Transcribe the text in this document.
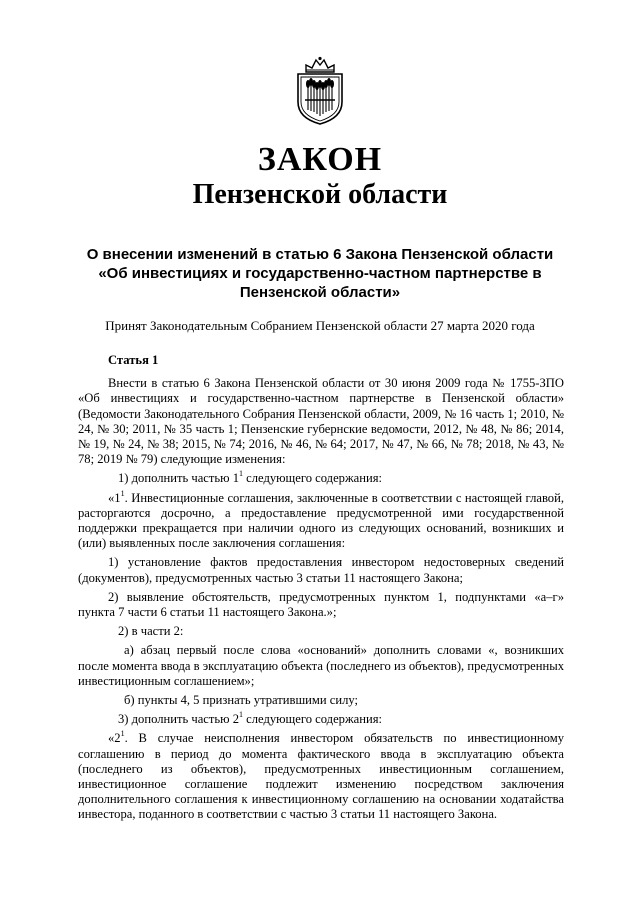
ЗАКОН
Пензенской области
О внесении изменений в статью 6 Закона Пензенской области
«Об инвестициях и государственно-частном партнерстве в
Пензенской области»
Принят Законодательным Собранием Пензенской области 27 марта 2020 года
Статья 1

Внести в статью 6 Закона Пензенской области от 30 июня 2009 года № 1755-ЗПО «Об инвестициях и государственно-частном партнерстве в Пензенской области» (Ведомости Законодательного Собрания Пензенской области, 2009, № 16 часть 1; 2010, № 24, № 30; 2011, № 35 часть 1; Пензенские губернские ведомости, 2012, № 48, № 86; 2014, № 19, № 24, № 38; 2015, № 74; 2016, № 46, № 64; 2017, № 47, № 66, № 78; 2018, № 43, № 78; 2019 № 79) следующие изменения:

1) дополнить частью $1^1$ следующего содержания:

«$1^1$. Инвестиционные соглашения, заключенные в соответствии с настоящей главой, расторгаются досрочно, а предоставление предусмотренной ими государственной поддержки прекращается при наличии одного из следующих оснований, возникших и (или) выявленных после заключения соглашения:

1) установление фактов предоставления инвестором недостоверных сведений (документов), предусмотренных частью 3 статьи 11 настоящего Закона;

2) выявление обстоятельств, предусмотренных пунктом 1, подпунктами «а–г» пункта 7 части 6 статьи 11 настоящего Закона.»;

2) в части 2:

а) абзац первый после слова «оснований» дополнить словами «, возникших после момента ввода в эксплуатацию объекта (последнего из объектов), предусмотренных инвестиционным соглашением»;

б) пункты 4, 5 признать утратившими силу;

3) дополнить частью $2^1$ следующего содержания:

«$2^1$. В случае неисполнения инвестором обязательств по инвестиционному соглашению в период до момента фактического ввода в эксплуатацию объекта (последнего из объектов), предусмотренных инвестиционным соглашением, инвестиционное соглашение подлежит изменению посредством заключения дополнительного соглашения к инвестиционному соглашению на основании ходатайства инвестора, поданного в соответствии с частью 3 статьи 11 настоящего Закона.
